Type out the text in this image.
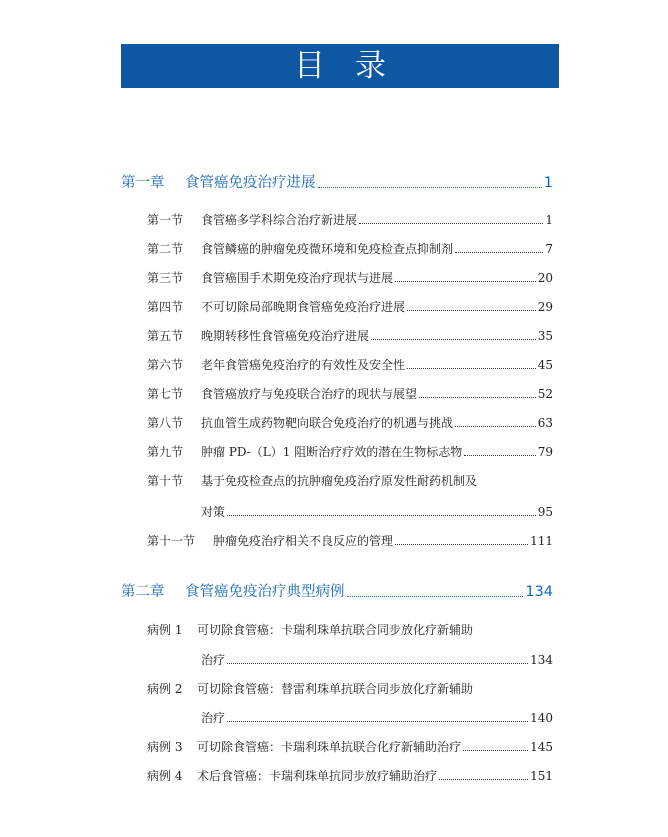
目录
第一章	食管癌免疫治疗进展	1
第一节	食管癌多学科综合治疗新进展	1
第二节	食管鳞癌的肿瘤免疫微环境和免疫检查点抑制剂	7
第三节	食管癌围手术期免疫治疗现状与进展	20
第四节	不可切除局部晚期食管癌免疫治疗进展	29
第五节	晚期转移性食管癌免疫治疗进展	35
第六节	老年食管癌免疫治疗的有效性及安全性	45
第七节	食管癌放疗与免疫联合治疗的现状与展望	52
第八节	抗血管生成药物靶向联合免疫治疗的机遇与挑战	63
第九节	肿瘤 PD-（L）1 阻断治疗疗效的潜在生物标志物	79
第十节	基于免疫检查点的抗肿瘤免疫治疗原发性耐药机制及
对策	95
第十一节	肿瘤免疫治疗相关不良反应的管理	111
第二章	食管癌免疫治疗典型病例	134
病例 1	可切除食管癌：卡瑞利珠单抗联合同步放化疗新辅助
治疗	134
病例 2	可切除食管癌：替雷利珠单抗联合同步放化疗新辅助
治疗	140
病例 3	可切除食管癌：卡瑞利珠单抗联合化疗新辅助治疗	145
病例 4	术后食管癌：卡瑞利珠单抗同步放疗辅助治疗	151
